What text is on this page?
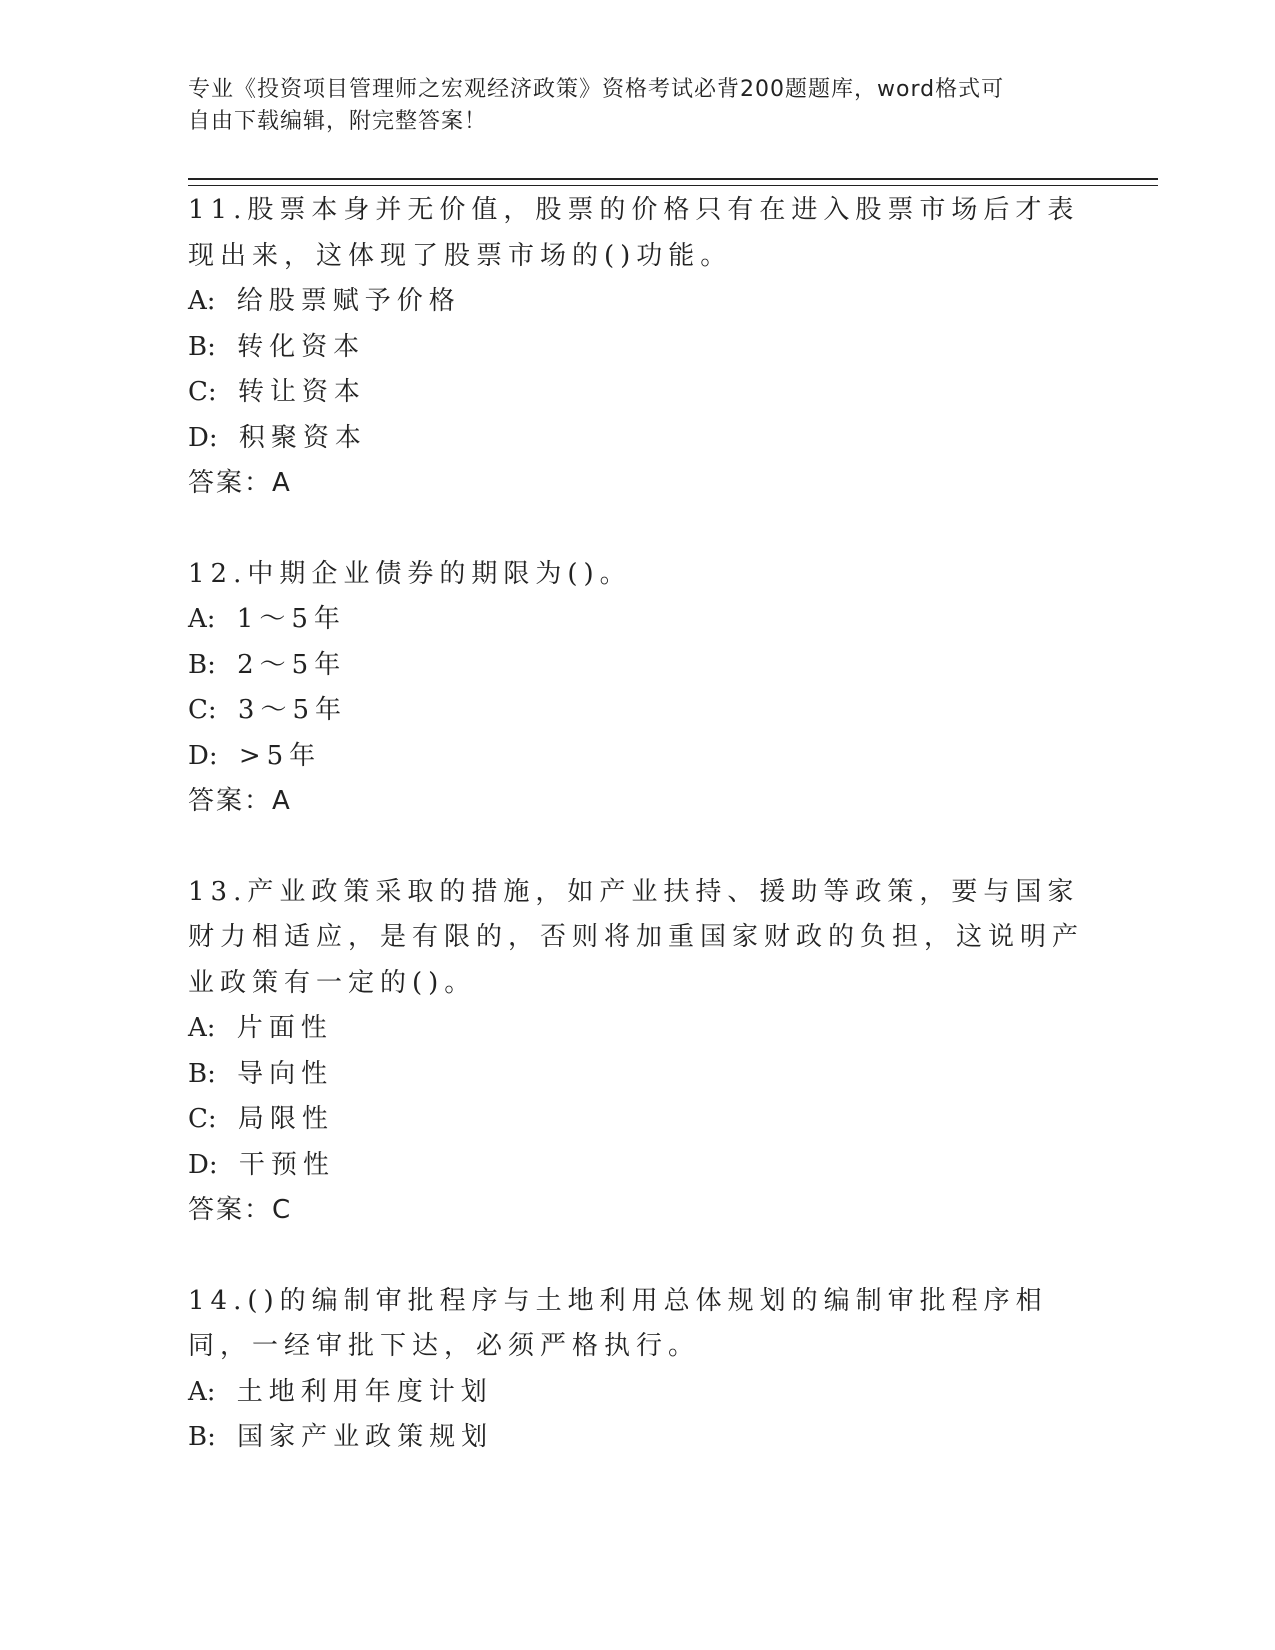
专业《投资项目管理师之宏观经济政策》资格考试必背200题题库，word格式可
自由下载编辑，附完整答案！
11.股票本身并无价值，股票的价格只有在进入股票市场后才表现出来，这体现了股票市场的()功能。
A: 给股票赋予价格
B: 转化资本
C: 转让资本
D: 积聚资本
答案：A
12.中期企业债券的期限为()。
A: 1～5年
B: 2～5年
C: 3～5年
D: >5年
答案：A
13.产业政策采取的措施，如产业扶持、援助等政策，要与国家财力相适应，是有限的，否则将加重国家财政的负担，这说明产业政策有一定的()。
A: 片面性
B: 导向性
C: 局限性
D: 干预性
答案：C
14.()的编制审批程序与土地利用总体规划的编制审批程序相同，一经审批下达，必须严格执行。
A: 土地利用年度计划
B: 国家产业政策规划
